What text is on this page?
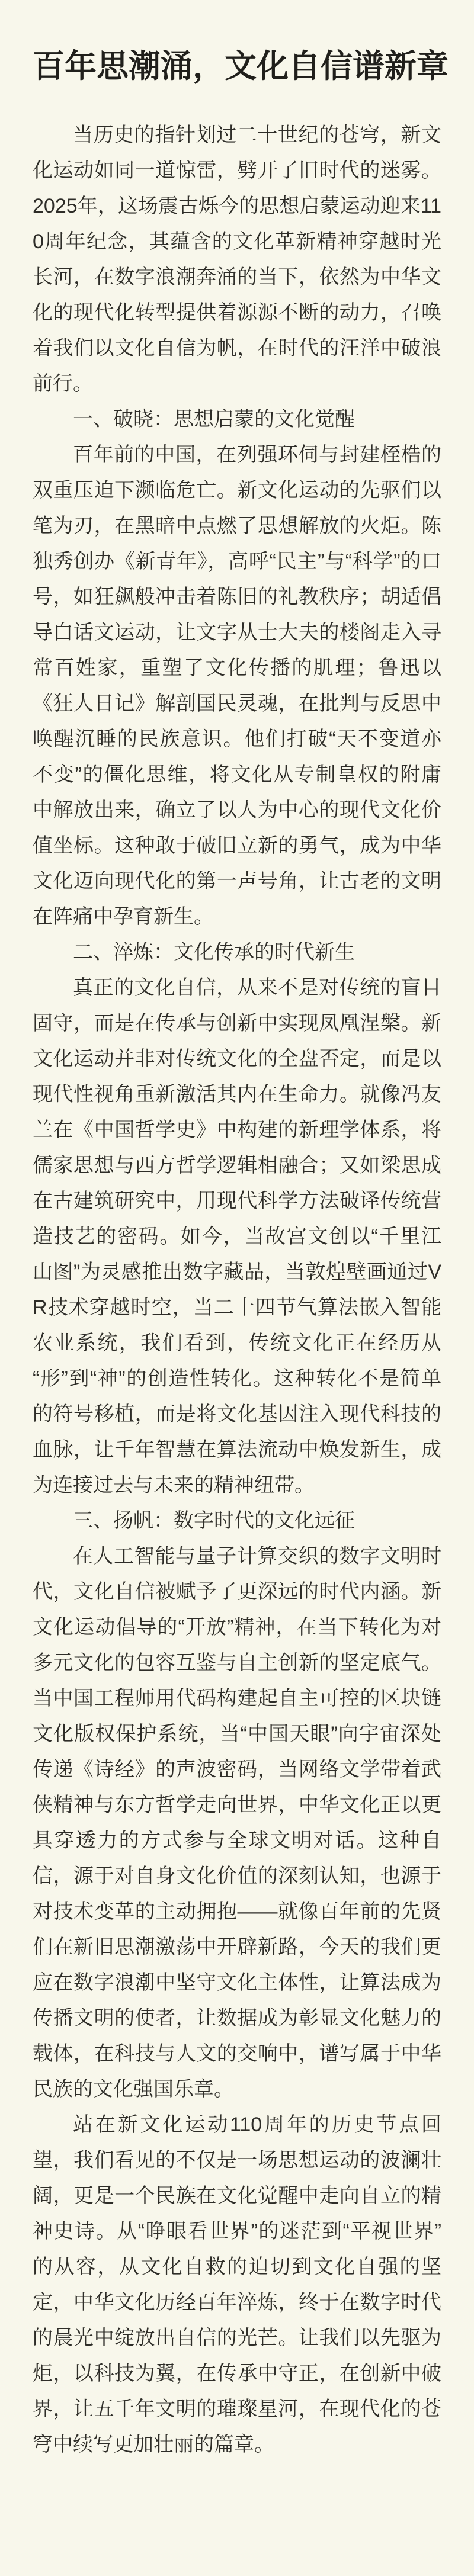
百年思潮涌，文化自信谱新章

当历史的指针划过二十世纪的苍穹，新文化运动如同一道惊雷，劈开了旧时代的迷雾。2025年，这场震古烁今的思想启蒙运动迎来110周年纪念，其蕴含的文化革新精神穿越时光长河，在数字浪潮奔涌的当下，依然为中华文化的现代化转型提供着源源不断的动力，召唤着我们以文化自信为帆，在时代的汪洋中破浪前行。

一、破晓：思想启蒙的文化觉醒

百年前的中国，在列强环伺与封建桎梏的双重压迫下濒临危亡。新文化运动的先驱们以笔为刃，在黑暗中点燃了思想解放的火炬。陈独秀创办《新青年》，高呼“民主”与“科学”的口号，如狂飙般冲击着陈旧的礼教秩序；胡适倡导白话文运动，让文字从士大夫的楼阁走入寻常百姓家，重塑了文化传播的肌理；鲁迅以《狂人日记》解剖国民灵魂，在批判与反思中唤醒沉睡的民族意识。他们打破“天不变道亦不变”的僵化思维，将文化从专制皇权的附庸中解放出来，确立了以人为中心的现代文化价值坐标。这种敢于破旧立新的勇气，成为中华文化迈向现代化的第一声号角，让古老的文明在阵痛中孕育新生。

二、淬炼：文化传承的时代新生

真正的文化自信，从来不是对传统的盲目固守，而是在传承与创新中实现凤凰涅槃。新文化运动并非对传统文化的全盘否定，而是以现代性视角重新激活其内在生命力。就像冯友兰在《中国哲学史》中构建的新理学体系，将儒家思想与西方哲学逻辑相融合；又如梁思成在古建筑研究中，用现代科学方法破译传统营造技艺的密码。如今，当故宫文创以“千里江山图”为灵感推出数字藏品，当敦煌壁画通过VR技术穿越时空，当二十四节气算法嵌入智能农业系统，我们看到，传统文化正在经历从“形”到“神”的创造性转化。这种转化不是简单的符号移植，而是将文化基因注入现代科技的血脉，让千年智慧在算法流动中焕发新生，成为连接过去与未来的精神纽带。

三、扬帆：数字时代的文化远征

在人工智能与量子计算交织的数字文明时代，文化自信被赋予了更深远的时代内涵。新文化运动倡导的“开放”精神，在当下转化为对多元文化的包容互鉴与自主创新的坚定底气。当中国工程师用代码构建起自主可控的区块链文化版权保护系统，当“中国天眼”向宇宙深处传递《诗经》的声波密码，当网络文学带着武侠精神与东方哲学走向世界，中华文化正以更具穿透力的方式参与全球文明对话。这种自信，源于对自身文化价值的深刻认知，也源于对技术变革的主动拥抱——就像百年前的先贤们在新旧思潮激荡中开辟新路，今天的我们更应在数字浪潮中坚守文化主体性，让算法成为传播文明的使者，让数据成为彰显文化魅力的载体，在科技与人文的交响中，谱写属于中华民族的文化强国乐章。

站在新文化运动110周年的历史节点回望，我们看见的不仅是一场思想运动的波澜壮阔，更是一个民族在文化觉醒中走向自立的精神史诗。从“睁眼看世界”的迷茫到“平视世界”的从容，从文化自救的迫切到文化自强的坚定，中华文化历经百年淬炼，终于在数字时代的晨光中绽放出自信的光芒。让我们以先驱为炬，以科技为翼，在传承中守正，在创新中破界，让五千年文明的璀璨星河，在现代化的苍穹中续写更加壮丽的篇章。
